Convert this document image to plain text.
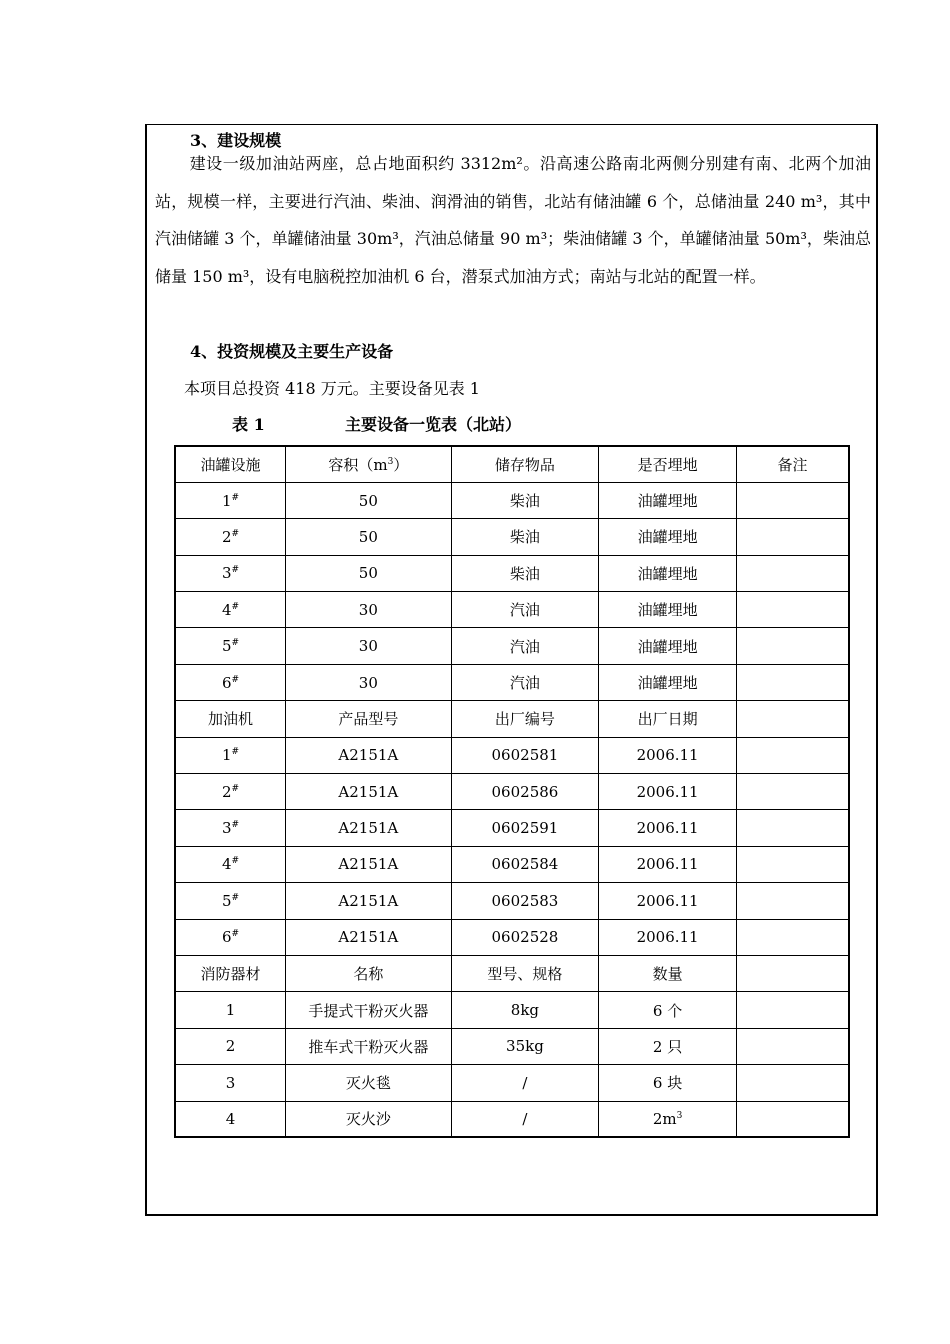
3、建设规模
建设一级加油站两座，总占地面积约 3312m²。沿高速公路南北两侧分别建有南、北两个加油站，规模一样，主要进行汽油、柴油、润滑油的销售，北站有储油罐 6 个，总储油量 240 m³，其中汽油储罐 3 个，单罐储油量 30m³，汽油总储量 90 m³；柴油储罐 3 个，单罐储油量 50m³，柴油总储量 150 m³，设有电脑税控加油机 6 台，潜泵式加油方式；南站与北站的配置一样。
4、投资规模及主要生产设备
本项目总投资 418 万元。主要设备见表 1
表 1	主要设备一览表（北站）
油罐设施	容积$(m^3)$	储存物品	是否埋地	备注
1#	50	柴油	油罐埋地	
2#	50	柴油	油罐埋地	
3#	50	柴油	油罐埋地	
4#	30	汽油	油罐埋地	
5#	30	汽油	油罐埋地	
6#	30	汽油	油罐埋地	
加油机	产品型号	出厂编号	出厂日期	
1#	A2151A	0602581	2006.11	
2#	A2151A	0602586	2006.11	
3#	A2151A	0602591	2006.11	
4#	A2151A	0602584	2006.11	
5#	A2151A	0602583	2006.11	
6#	A2151A	0602528	2006.11	
消防器材	名称	型号、规格	数量	
1	手提式干粉灭火器	8kg	6 个	
2	推车式干粉灭火器	35kg	2 只	
3	灭火毯	/	6 块	
4	灭火沙	/	$2m^3$	
